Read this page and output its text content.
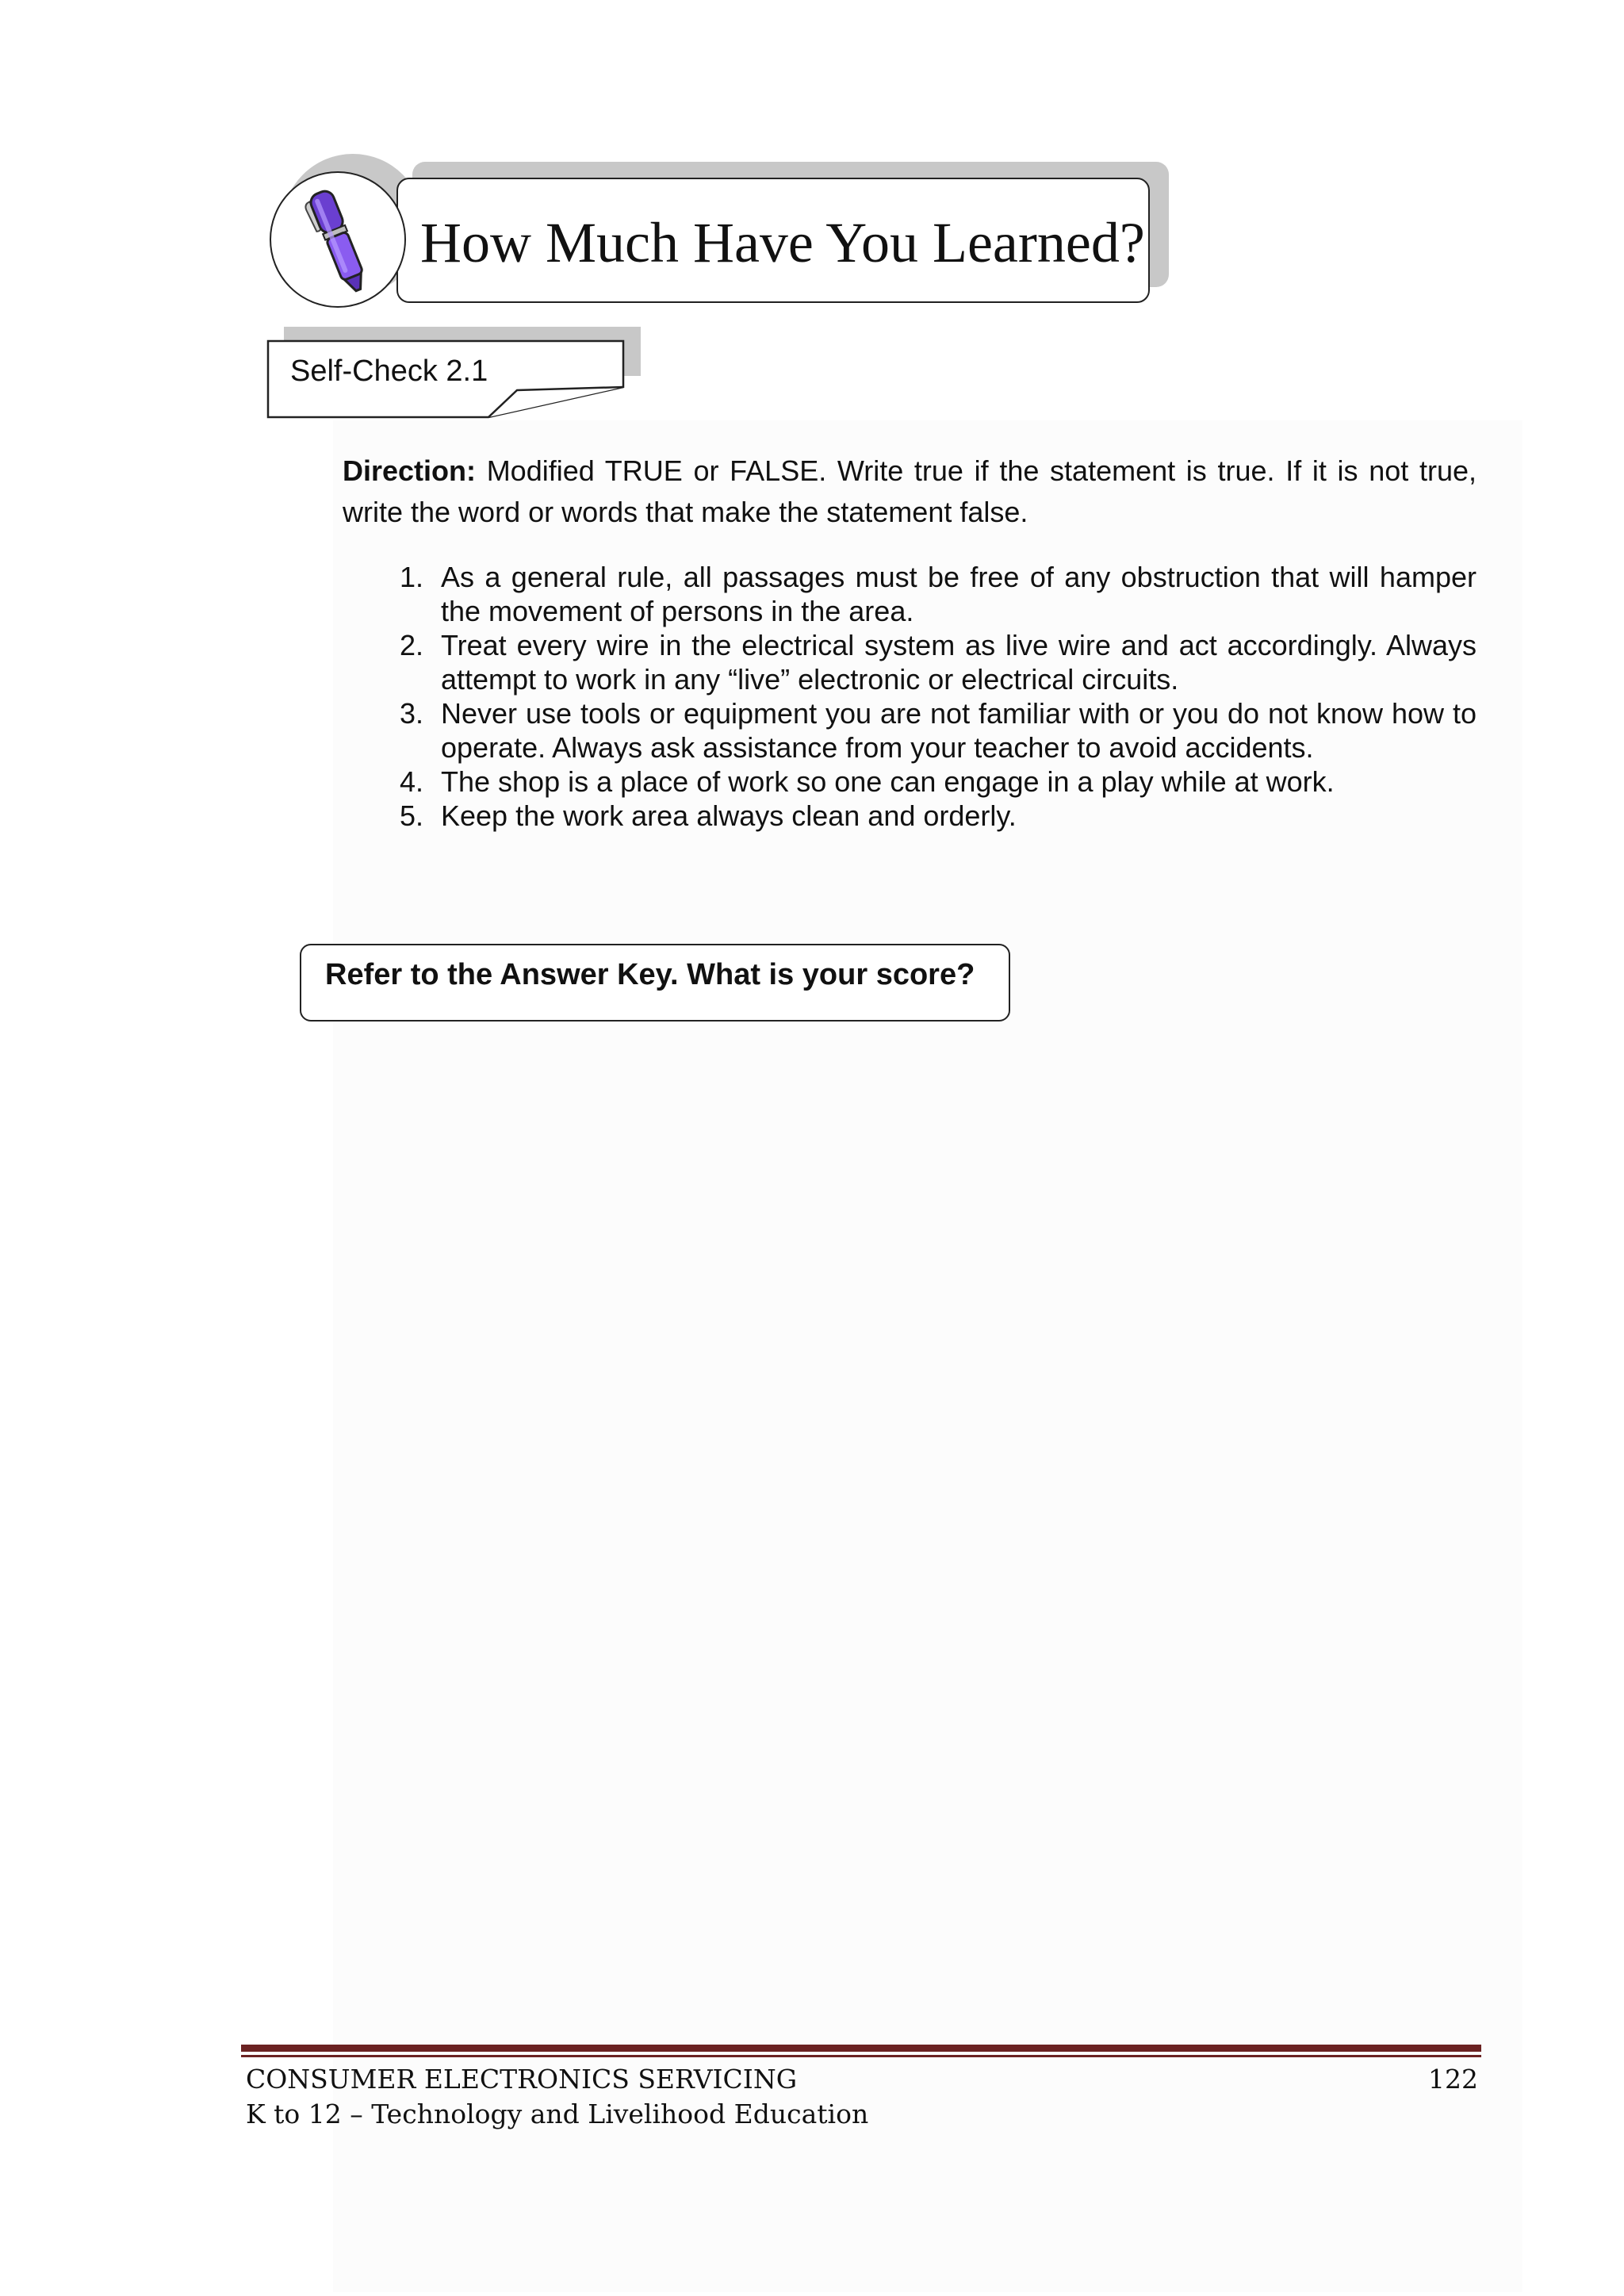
How Much Have You Learned?
Self-Check 2.1
Direction: Modified TRUE or FALSE. Write true if the statement is true. If it is not true, write the word or words that make the statement false.
1. As a general rule, all passages must be free of any obstruction that will hamper the movement of persons in the area.
2. Treat every wire in the electrical system as live wire and act accordingly. Always attempt to work in any “live” electronic or electrical circuits.
3. Never use tools or equipment you are not familiar with or you do not know how to operate. Always ask assistance from your teacher to avoid accidents.
4. The shop is a place of work so one can engage in a play while at work.
5. Keep the work area always clean and orderly.
Refer to the Answer Key. What is your score?
CONSUMER ELECTRONICS SERVICING
K to 12 – Technology and Livelihood Education
122
